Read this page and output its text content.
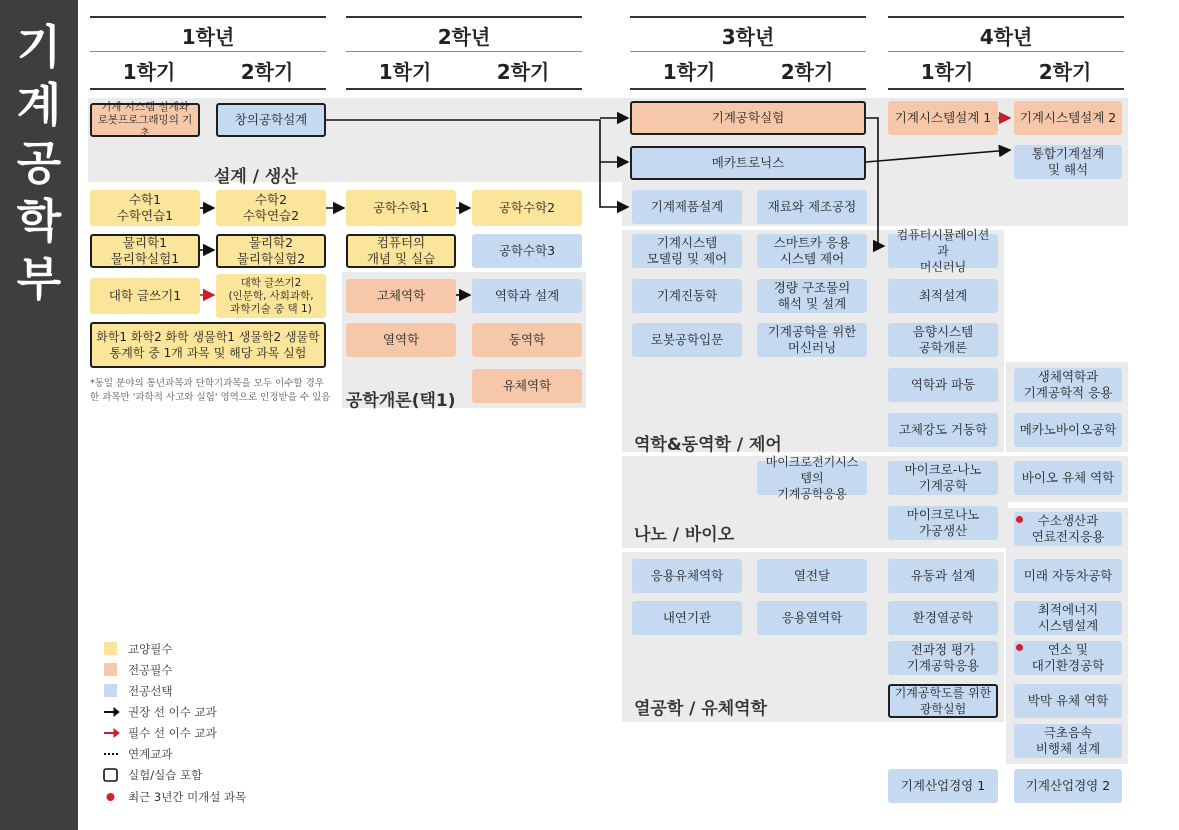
기
계
공
학
부
설계 / 생산
공학개론(택1)
역학&동역학 / 제어
나노 / 바이오
열공학 / 유체역학
1학년	2학년	3학년	4학년
1학기	2학기	1학기	2학기	1학기	2학기	1학기	2학기
기계 시스템 설계와
로봇프로그래밍의 기초
창의공학설계
수학1
수학연습1
수학2
수학연습2
물리학1
물리학실험1
물리학2
물리학실험2
대학 글쓰기1
대학 글쓰기2
(인문학, 사회과학,
과학기술 중 택 1)
화학1 화학2 화학 생물학1 생물학2 생물학
통계학 중 1개 과목 및 해당 과목 실험
*동일 분야의 통년과목과 단학기과목을 모두 이수할 경우
한 과목만 '과학적 사고와 실험' 영역으로 인정받을 수 있음
공학수학1	공학수학2
컴퓨터의
개념 및 실습
공학수학3
고체역학	역학과 설계
열역학	동역학
유체역학
기계공학실험
메카트로닉스
기계제품설계	재료와 제조공정
기계시스템
모델링 및 제어
스마트카 응용
시스템 제어
기계진동학
경량 구조물의
해석 및 설계
로봇공학입문
기계공학을 위한
머신러닝
마이크로전기시스템의
기계공학응용
응용유체역학	열전달
내연기관	응용열역학
기계시스템설계 1
컴퓨터시뮬레이션과
머신러닝
최적설계
음향시스템
공학개론
역학과 파동
고체강도 거동학
마이크로-나노
기계공학
마이크로나노
가공생산
유동과 설계
환경열공학
전과정 평가
기계공학응용
기계공학도를 위한
광학실험
기계산업경영 1
기계시스템설계 2
통합기계설계
및 해석
생체역학과
기계공학적 응용
메카노바이오공학
바이오 유체 역학
수소생산과
연료전지응용
미래 자동차공학
최적에너지
시스템설계
연소 및
대기환경공학
박막 유체 역학
극초음속
비행체 설계
기계산업경영 2
교양필수
전공필수
전공선택
권장 선 이수 교과
필수 선 이수 교과
연계교과
실험/실습 포함
최근 3년간 미개설 과목
